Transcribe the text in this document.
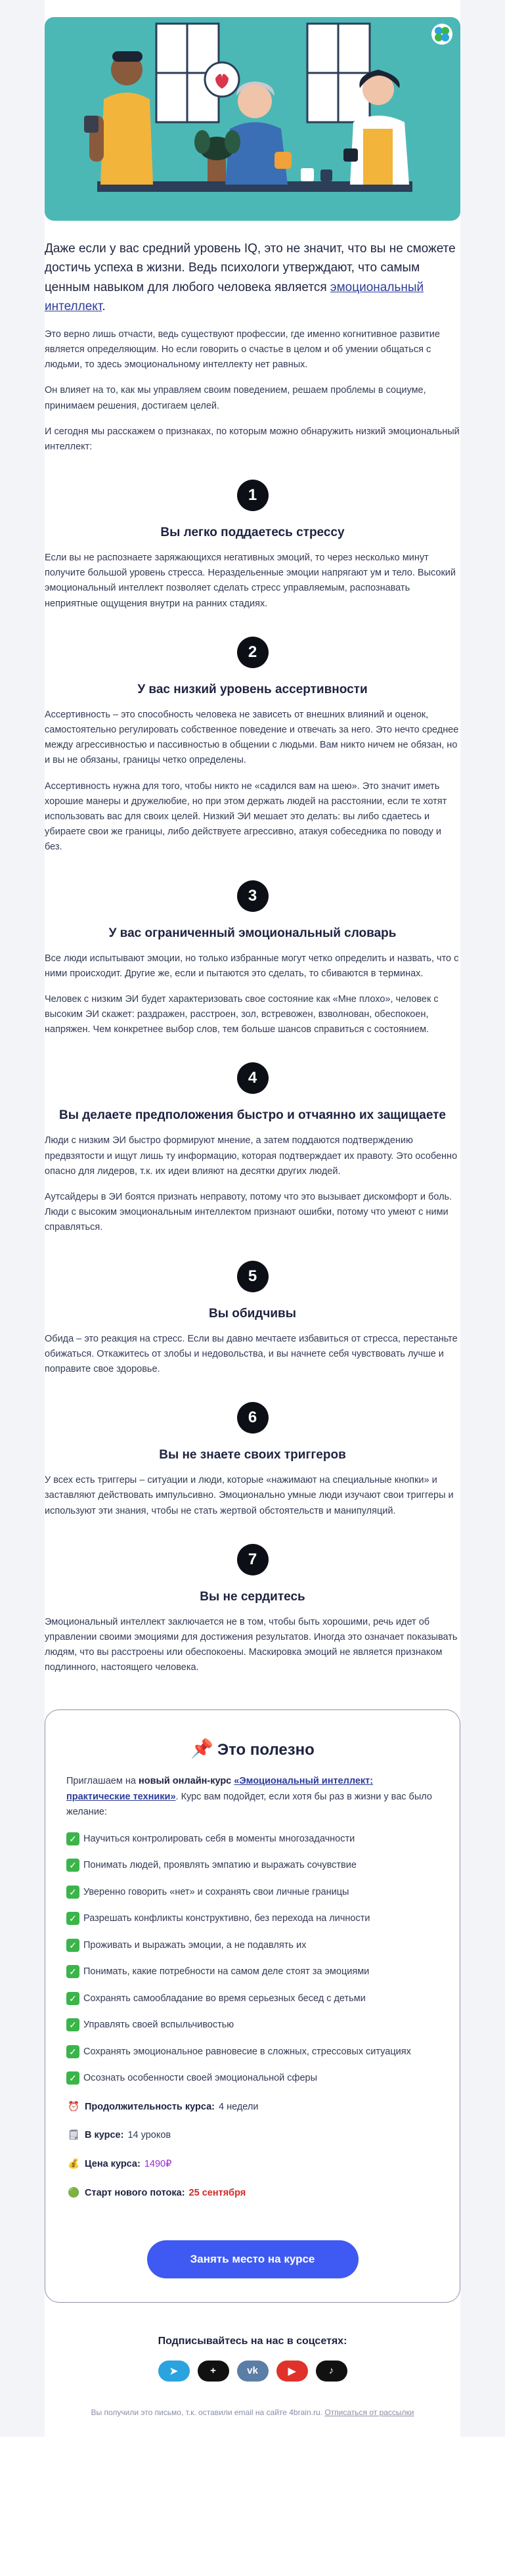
Даже если у вас средний уровень IQ, это не значит, что вы не сможете достичь успеха в жизни. Ведь психологи утверждают, что самым ценным навыком для любого человека является эмоциональный интеллект.
Это верно лишь отчасти, ведь существуют профессии, где именно когнитивное развитие является определяющим. Но если говорить о счастье в целом и об умении общаться с людьми, то здесь эмоциональному интеллекту нет равных.
Он влияет на то, как мы управляем своим поведением, решаем проблемы в социуме, принимаем решения, достигаем целей.
И сегодня мы расскажем о признаках, по которым можно обнаружить низкий эмоциональный интеллект:
1
Вы легко поддаетесь стрессу
Если вы не распознаете заряжающихся негативных эмоций, то через несколько минут получите большой уровень стресса. Нераздельенные эмоции напрягают ум и тело. Высокий эмоциональный интеллект позволяет сделать стресс управляемым, распознавать неприятные ощущения внутри на ранних стадиях.
2
У вас низкий уровень ассертивности
Ассертивность – это способность человека не зависеть от внешних влияний и оценок, самостоятельно регулировать собственное поведение и отвечать за него. Это нечто среднее между агрессивностью и пассивностью в общении с людьми. Вам никто ничем не обязан, но и вы не обязаны, границы четко определены.
Ассертивность нужна для того, чтобы никто не «садился вам на шею». Это значит иметь хорошие манеры и дружелюбие, но при этом держать людей на расстоянии, если те хотят использовать вас для своих целей. Низкий ЭИ мешает это делать: вы либо сдаетесь и убираете свои же границы, либо действуете агрессивно, атакуя собеседника по поводу и без.
3
У вас ограниченный эмоциональный словарь
Все люди испытывают эмоции, но только избранные могут четко определить и назвать, что с ними происходит. Другие же, если и пытаются это сделать, то сбиваются в терминах.
Человек с низким ЭИ будет характеризовать свое состояние как «Мне плохо», человек с высоким ЭИ скажет: раздражен, расстроен, зол, встревожен, взволнован, обеспокоен, напряжен. Чем конкретнее выбор слов, тем больше шансов справиться с состоянием.
4
Вы делаете предположения быстро и отчаянно их защищаете
Люди с низким ЭИ быстро формируют мнение, а затем поддаются подтверждению предвзятости и ищут лишь ту информацию, которая подтверждает их правоту. Это особенно опасно для лидеров, т.к. их идеи влияют на десятки других людей.
Аутсайдеры в ЭИ боятся признать неправоту, потому что это вызывает дискомфорт и боль. Люди с высоким эмоциональным интеллектом признают ошибки, потому что умеют с ними справляться.
5
Вы обидчивы
Обида – это реакция на стресс. Если вы давно мечтаете избавиться от стресса, перестаньте обижаться. Откажитесь от злобы и недовольства, и вы начнете себя чувствовать лучше и поправите свое здоровье.
6
Вы не знаете своих триггеров
У всех есть триггеры – ситуации и люди, которые «нажимают на специальные кнопки» и заставляют действовать импульсивно. Эмоционально умные люди изучают свои триггеры и используют эти знания, чтобы не стать жертвой обстоятельств и манипуляций.
7
Вы не сердитесь
Эмоциональный интеллект заключается не в том, чтобы быть хорошими, речь идет об управлении своими эмоциями для достижения результатов. Иногда это означает показывать людям, что вы расстроены или обеспокоены. Маскировка эмоций не является признаком подлинного, настоящего человека.
📌 Это полезно
Приглашаем на новый онлайн-курс «Эмоциональный интеллект: практические техники». Курс вам подойдет, если хотя бы раз в жизни у вас было желание:
✓ Научиться контролировать себя в моменты многозадачности
✓ Понимать людей, проявлять эмпатию и выражать сочувствие
✓ Уверенно говорить «нет» и сохранять свои личные границы
✓ Разрешать конфликты конструктивно, без перехода на личности
✓ Проживать и выражать эмоции, а не подавлять их
✓ Понимать, какие потребности на самом деле стоят за эмоциями
✓ Сохранять самообладание во время серьезных бесед с детьми
✓ Управлять своей вспыльчивостью
✓ Сохранять эмоциональное равновесие в сложных, стрессовых ситуациях
✓ Осознать особенности своей эмоциональной сферы
⏰ Продолжительность курса: 4 недели
🗒 В курсе: 14 уроков
💰 Цена курса: 1490₽
🟢 Старт нового потока: 25 сентября
Занять место на курсе
Подписывайтесь на нас в соцсетях:
➤	+	vk	▶	♪
Вы получили это письмо, т.к. оставили email на сайте 4brain.ru. Отписаться от рассылки
